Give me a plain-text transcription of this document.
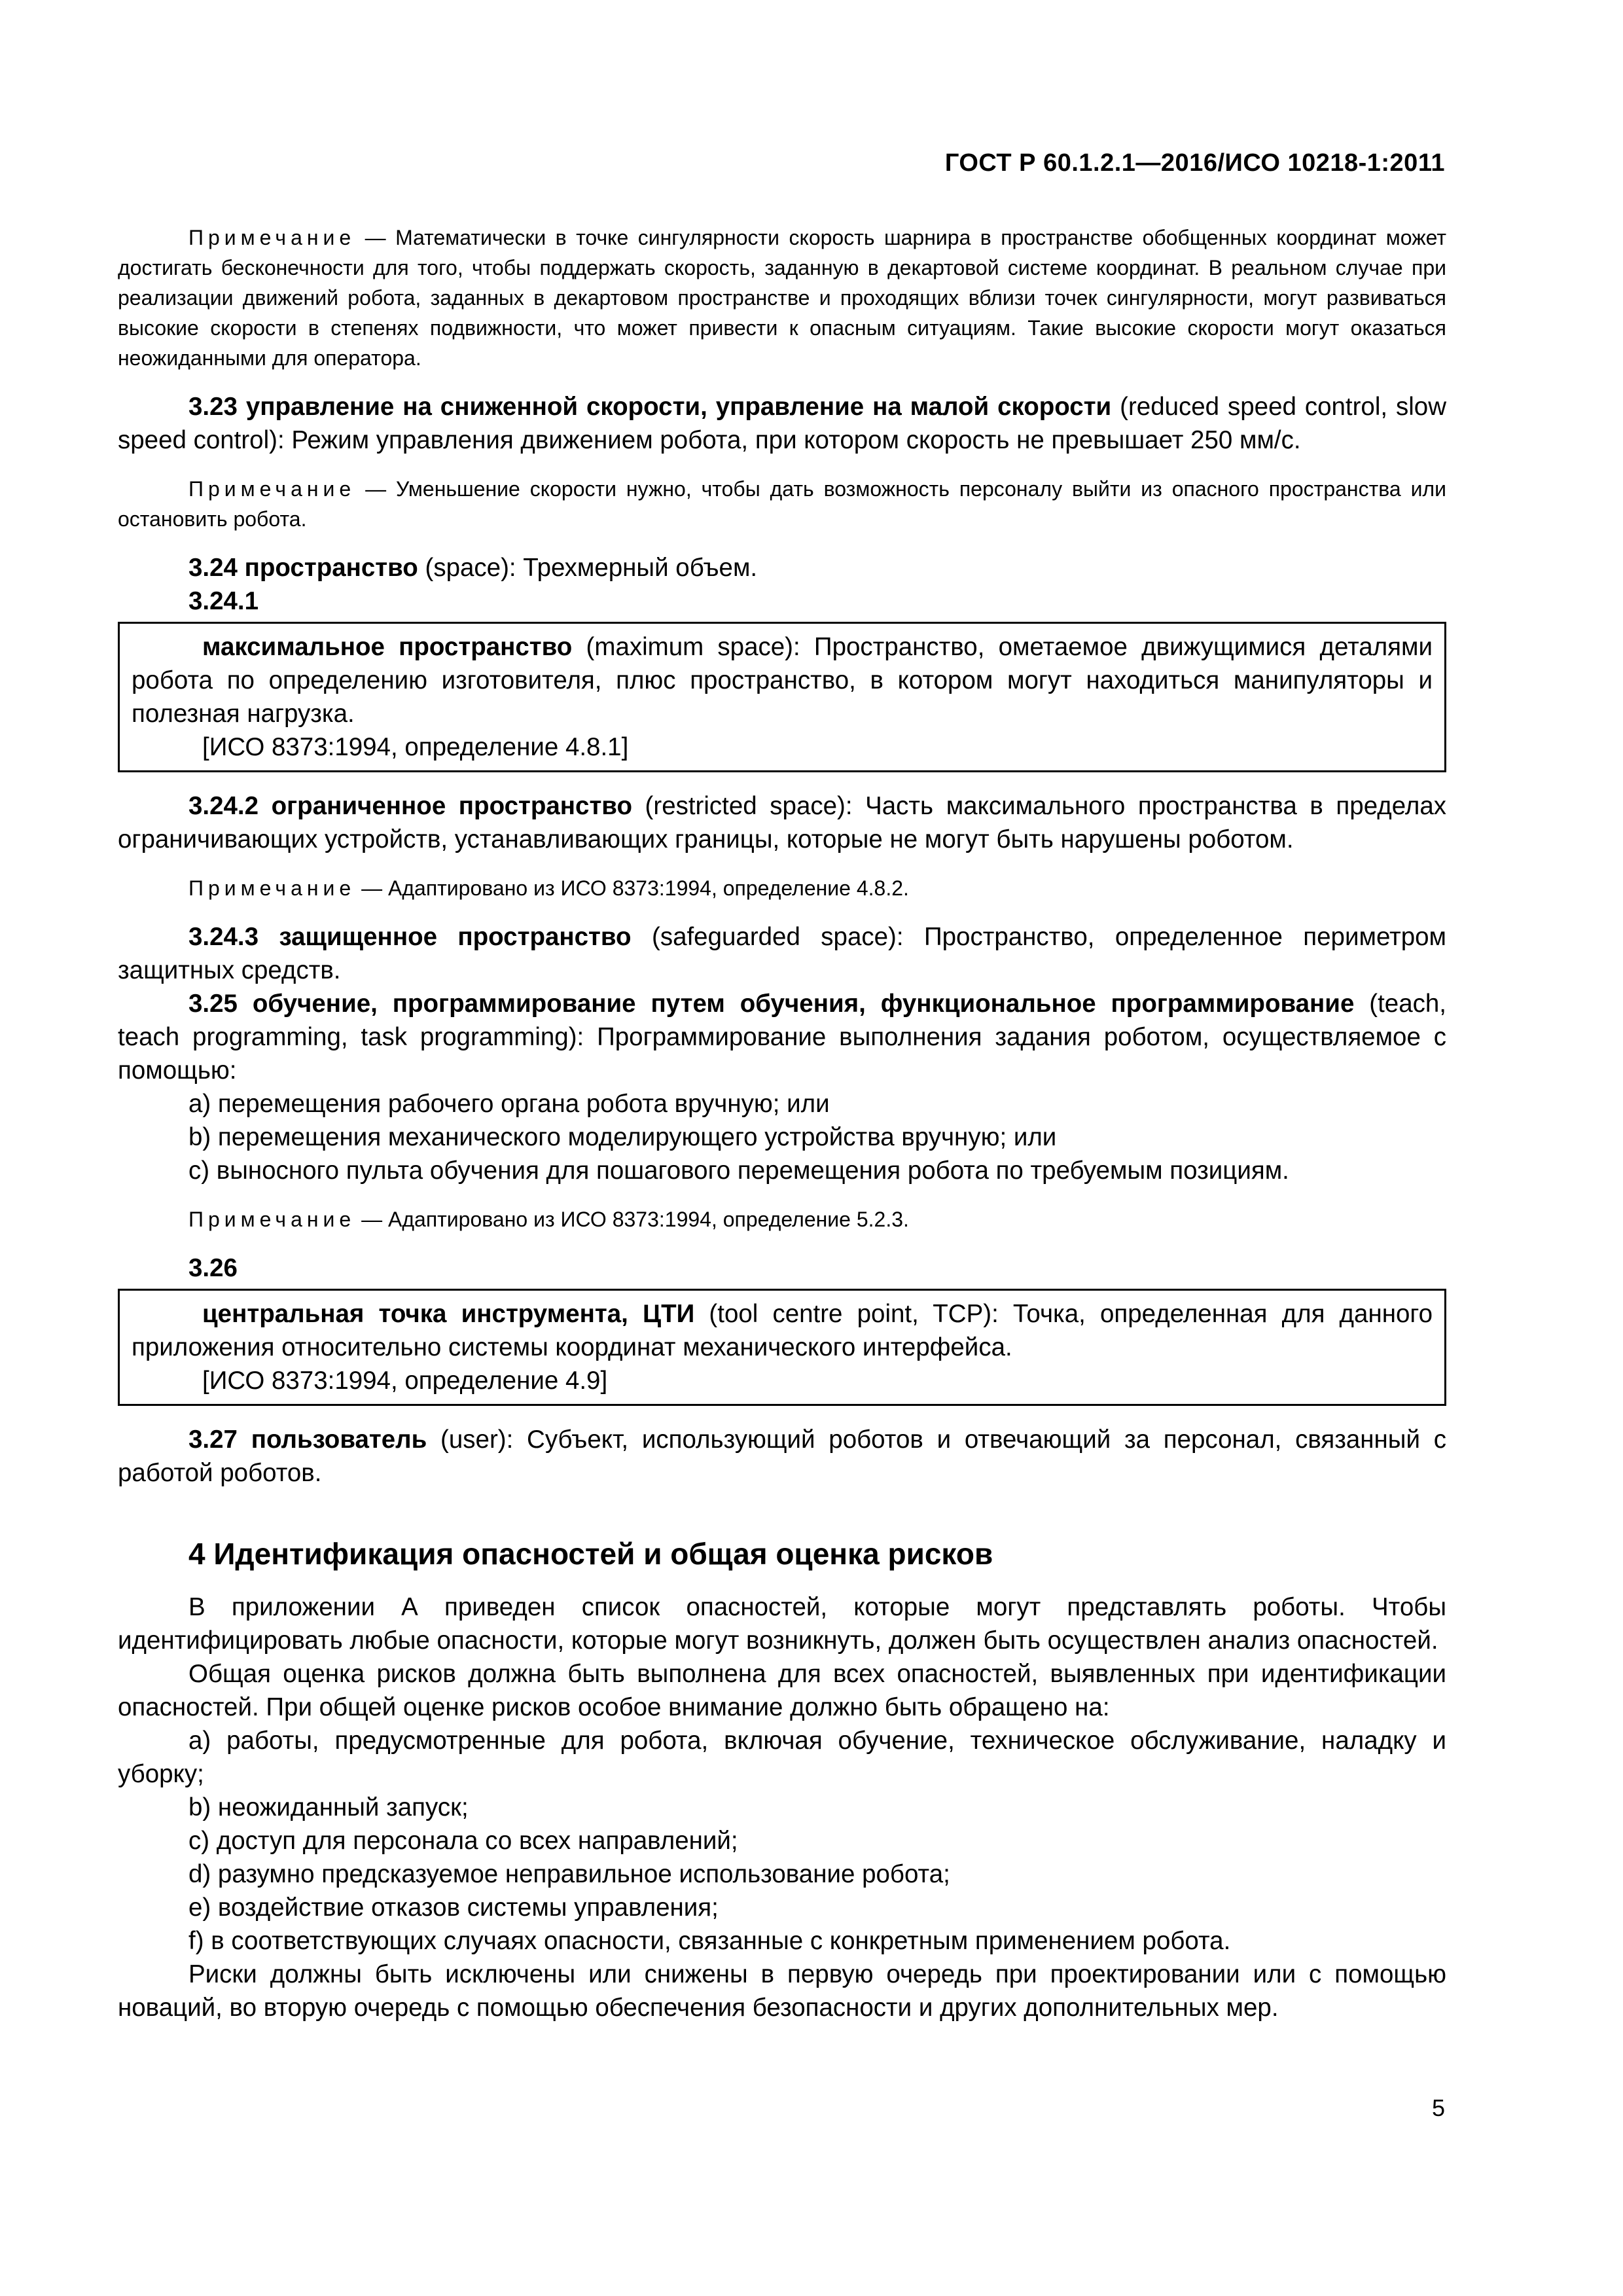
ГОСТ Р 60.1.2.1—2016/ИСО 10218-1:2011

Примечание — Математически в точке сингулярности скорость шарнира в пространстве обобщенных координат может достигать бесконечности для того, чтобы поддержать скорость, заданную в декартовой системе координат. В реальном случае при реализации движений робота, заданных в декартовом пространстве и проходящих вблизи точек сингулярности, могут развиваться высокие скорости в степенях подвижности, что может привести к опасным ситуациям. Такие высокие скорости могут оказаться неожиданными для оператора.

3.23 управление на сниженной скорости, управление на малой скорости (reduced speed control, slow speed control): Режим управления движением робота, при котором скорость не превышает 250 мм/с.

Примечание — Уменьшение скорости нужно, чтобы дать возможность персоналу выйти из опасного пространства или остановить робота.

3.24 пространство (space): Трехмерный объем.

3.24.1

максимальное пространство (maximum space): Пространство, ометаемое движущимися деталями робота по определению изготовителя, плюс пространство, в котором могут находиться манипуляторы и полезная нагрузка.

[ИСО 8373:1994, определение 4.8.1]

3.24.2 ограниченное пространство (restricted space): Часть максимального пространства в пределах ограничивающих устройств, устанавливающих границы, которые не могут быть нарушены роботом.

Примечание — Адаптировано из ИСО 8373:1994, определение 4.8.2.

3.24.3 защищенное пространство (safeguarded space): Пространство, определенное периметром защитных средств.

3.25 обучение, программирование путем обучения, функциональное программирование (teach, teach programming, task programming): Программирование выполнения задания роботом, осуществляемое с помощью:

а) перемещения рабочего органа робота вручную; или

b) перемещения механического моделирующего устройства вручную; или

c) выносного пульта обучения для пошагового перемещения робота по требуемым позициям.

Примечание — Адаптировано из ИСО 8373:1994, определение 5.2.3.

3.26

центральная точка инструмента, ЦТИ (tool centre point, TCP): Точка, определенная для данного приложения относительно системы координат механического интерфейса.

[ИСО 8373:1994, определение 4.9]

3.27 пользователь (user): Субъект, использующий роботов и отвечающий за персонал, связанный с работой роботов.

4 Идентификация опасностей и общая оценка рисков

В приложении А приведен список опасностей, которые могут представлять роботы. Чтобы идентифицировать любые опасности, которые могут возникнуть, должен быть осуществлен анализ опасностей.

Общая оценка рисков должна быть выполнена для всех опасностей, выявленных при идентификации опасностей. При общей оценке рисков особое внимание должно быть обращено на:

а) работы, предусмотренные для робота, включая обучение, техническое обслуживание, наладку и уборку;

b) неожиданный запуск;

c) доступ для персонала со всех направлений;

d) разумно предсказуемое неправильное использование робота;

e) воздействие отказов системы управления;

f) в соответствующих случаях опасности, связанные с конкретным применением робота.

Риски должны быть исключены или снижены в первую очередь при проектировании или с помощью новаций, во вторую очередь с помощью обеспечения безопасности и других дополнительных мер.

5
